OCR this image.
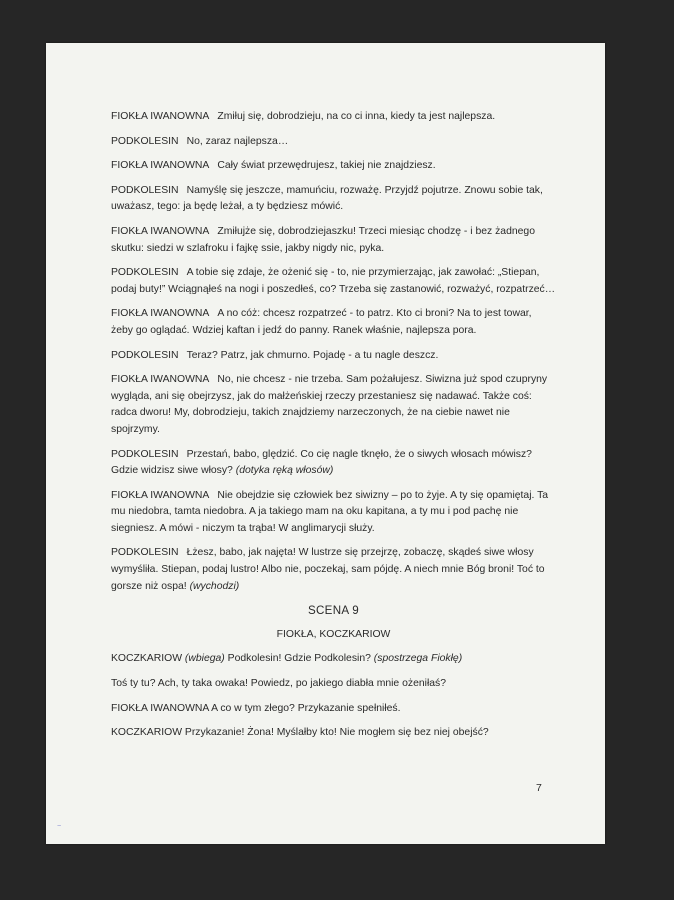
FIOKŁA IWANOWNA Zmiłuj się, dobrodzieju, na co ci inna, kiedy ta jest najlepsza.

PODKOLESIN No, zaraz najlepsza…

FIOKŁA IWANOWNA Cały świat przewędrujesz, takiej nie znajdziesz.

PODKOLESIN Namyślę się jeszcze, mamuńciu, rozważę. Przyjdź pojutrze. Znowu sobie tak, uważasz, tego: ja będę leżał, a ty będziesz mówić.

FIOKŁA IWANOWNA Zmiłujże się, dobrodziejaszku! Trzeci miesiąc chodzę - i bez żadnego skutku: siedzi w szlafroku i fajkę ssie, jakby nigdy nic, pyka.

PODKOLESIN A tobie się zdaje, że ożenić się - to, nie przymierzając, jak zawołać: „Stiepan, podaj buty!” Wciągnąłeś na nogi i poszedłeś, co? Trzeba się zastanowić, rozważyć, rozpatrzeć…

FIOKŁA IWANOWNA A no cóż: chcesz rozpatrzeć - to patrz. Kto ci broni? Na to jest towar, żeby go oglądać. Wdziej kaftan i jedź do panny. Ranek właśnie, najlepsza pora.

PODKOLESIN Teraz? Patrz, jak chmurno. Pojadę - a tu nagle deszcz.

FIOKŁA IWANOWNA No, nie chcesz - nie trzeba. Sam pożałujesz. Siwizna już spod czupryny wygląda, ani się obejrzysz, jak do małżeńskiej rzeczy przestaniesz się nadawać. Także coś: radca dworu! My, dobrodzieju, takich znajdziemy narzeczonych, że na ciebie nawet nie spojrzymy.

PODKOLESIN Przestań, babo, ględzić. Co cię nagle tknęło, że o siwych włosach mówisz? Gdzie widzisz siwe włosy? (dotyka ręką włosów)

FIOKŁA IWANOWNA Nie obejdzie się człowiek bez siwizny – po to żyje. A ty się opamiętaj. Ta mu niedobra, tamta niedobra. A ja takiego mam na oku kapitana, a ty mu i pod pachę nie siegniesz. A mówi - niczym ta trąba! W anglimarycji służy.

PODKOLESIN Łżesz, babo, jak najęta! W lustrze się przejrzę, zobaczę, skądeś siwe włosy wymyśliła. Stiepan, podaj lustro! Albo nie, poczekaj, sam pójdę. A niech mnie Bóg broni! Toć to gorsze niż ospa! (wychodzi)

SCENA 9
FIOKŁA, KOCZKARIOW

KOCZKARIOW (wbiega) Podkolesin! Gdzie Podkolesin? (spostrzega Fiokłę)

Toś ty tu? Ach, ty taka owaka! Powiedz, po jakiego diabła mnie ożeniłaś?

FIOKŁA IWANOWNA A co w tym złego? Przykazanie spełniłeś.

KOCZKARIOW Przykazanie! Żona! Myślałby kto! Nie mogłem się bez niej obejść?

7
~
